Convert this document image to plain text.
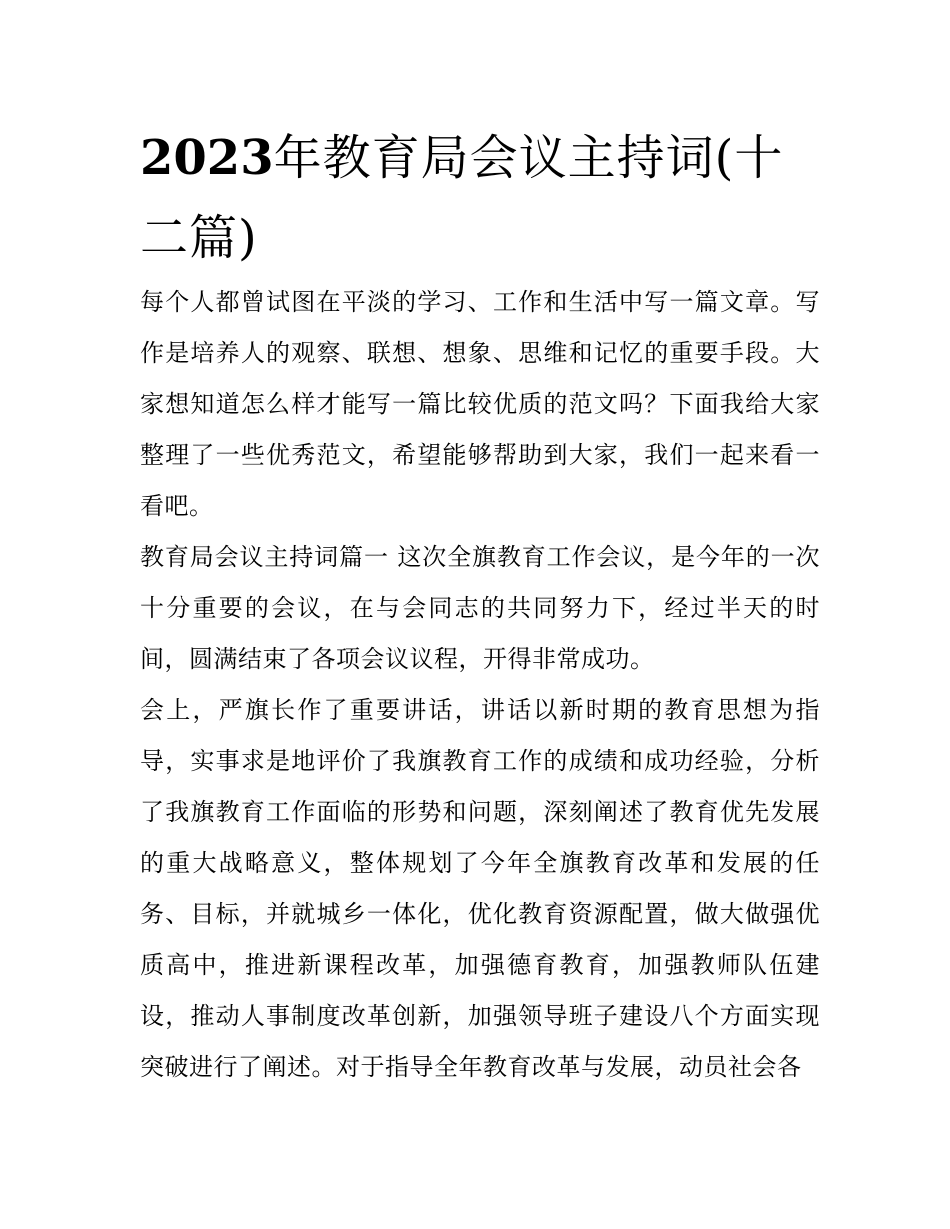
2023年教育局会议主持词(十二篇)

每个人都曾试图在平淡的学习、工作和生活中写一篇文章。写作是培养人的观察、联想、想象、思维和记忆的重要手段。大家想知道怎么样才能写一篇比较优质的范文吗？下面我给大家整理了一些优秀范文，希望能够帮助到大家，我们一起来看一看吧。

教育局会议主持词篇一 这次全旗教育工作会议，是今年的一次十分重要的会议，在与会同志的共同努力下，经过半天的时间，圆满结束了各项会议议程，开得非常成功。

会上，严旗长作了重要讲话，讲话以新时期的教育思想为指导，实事求是地评价了我旗教育工作的成绩和成功经验，分析了我旗教育工作面临的形势和问题，深刻阐述了教育优先发展的重大战略意义，整体规划了今年全旗教育改革和发展的任务、目标，并就城乡一体化，优化教育资源配置，做大做强优质高中，推进新课程改革，加强德育教育，加强教师队伍建设，推动人事制度改革创新，加强领导班子建设八个方面实现突破进行了阐述。对于指导全年教育改革与发展，动员社会各
